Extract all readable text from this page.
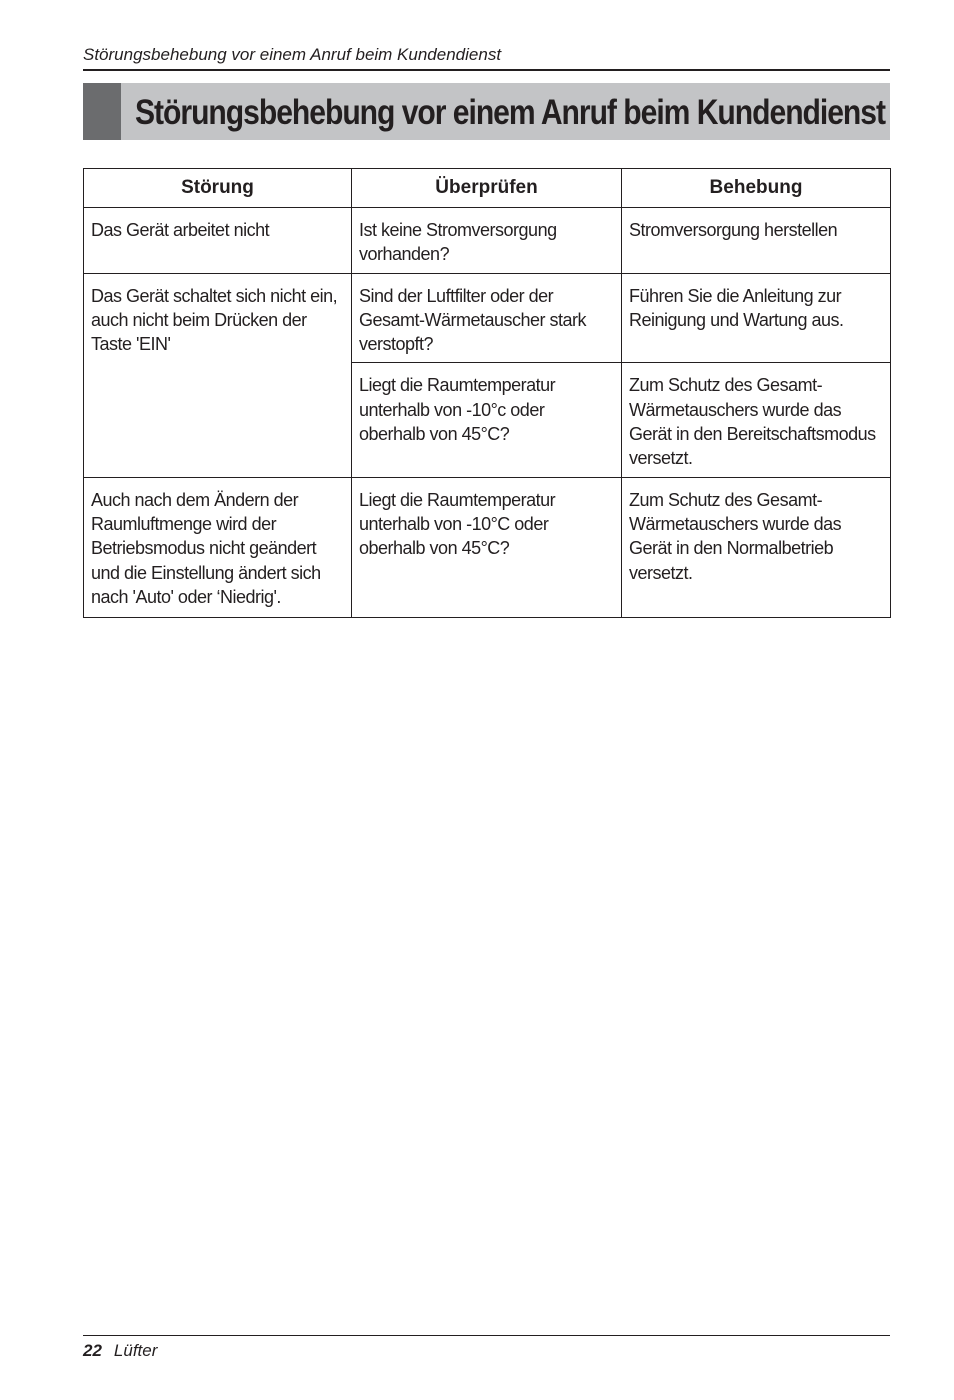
Störungsbehebung vor einem Anruf beim Kundendienst
Störungsbehebung vor einem Anruf beim Kundendienst
Störung	Überprüfen	Behebung
Das Gerät arbeitet nicht	Ist keine Stromversorgung vorhanden?	Stromversorgung herstellen
Das Gerät schaltet sich nicht ein, auch nicht beim Drücken der Taste 'EIN'	Sind der Luftfilter oder der Gesamt-Wärmetauscher stark verstopft?	Führen Sie die Anleitung zur Reinigung und Wartung aus.
	Liegt die Raumtemperatur unterhalb von -10°c oder oberhalb von 45°C?	Zum Schutz des Gesamt-Wärmetauschers wurde das Gerät in den Bereitschaftsmodus versetzt.
Auch nach dem Ändern der Raumluftmenge wird der Betriebsmodus nicht geändert und die Einstellung ändert sich nach 'Auto' oder ‘Niedrig'.	Liegt die Raumtemperatur unterhalb von -10°C oder oberhalb von 45°C?	Zum Schutz des Gesamt-Wärmetauschers wurde das Gerät in den Normalbetrieb versetzt.
22 Lüfter
